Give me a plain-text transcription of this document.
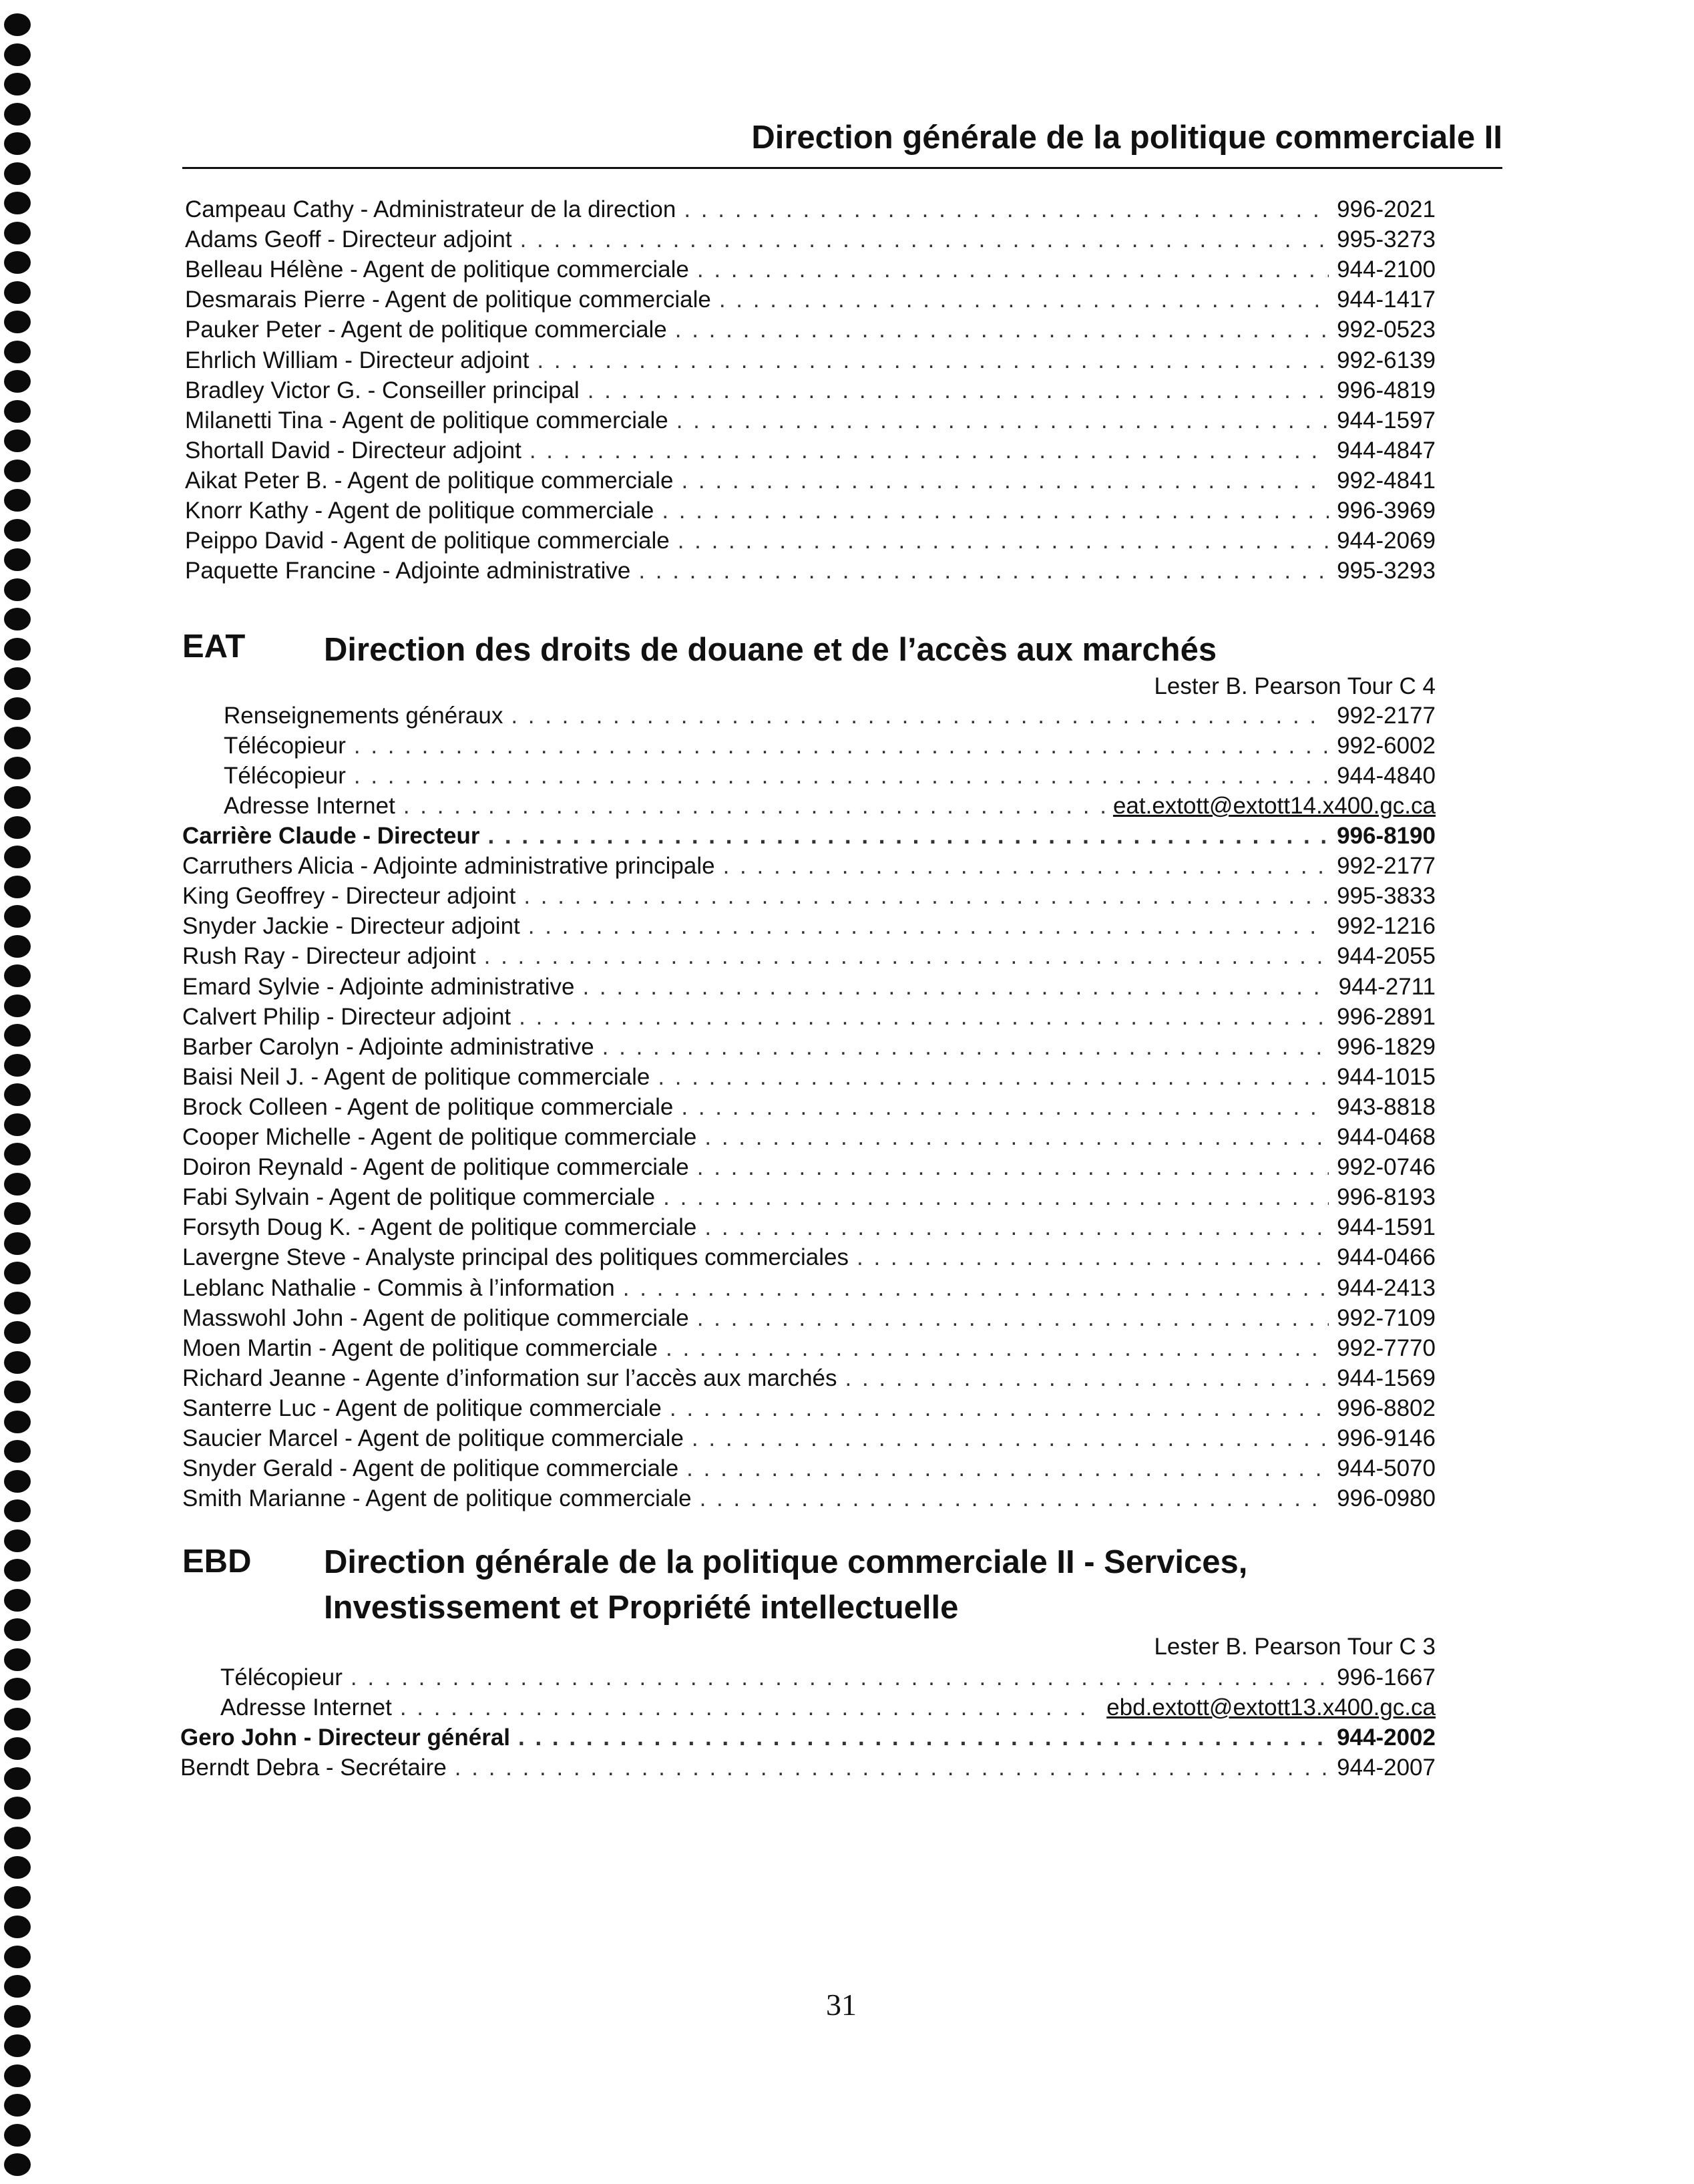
Direction générale de la politique commerciale II
EAT Direction des droits de douane et de l’accès aux marchés
Lester B. Pearson Tour C 4
EBD Direction générale de la politique commerciale II - Services,
Investissement et Propriété intellectuelle
Lester B. Pearson Tour C 3
Campeau Cathy - Administrateur de la direction . . .	996-2021
Adams Geoff - Directeur adjoint . . .	995-3273
Belleau Hélène - Agent de politique commerciale . . .	944-2100
Desmarais Pierre - Agent de politique commerciale . . .	944-1417
Pauker Peter - Agent de politique commerciale . . .	992-0523
Ehrlich William - Directeur adjoint . . .	992-6139
Bradley Victor G. - Conseiller principal . . .	996-4819
Milanetti Tina - Agent de politique commerciale . . .	944-1597
Shortall David - Directeur adjoint . . .	944-4847
Aikat Peter B. - Agent de politique commerciale . . .	992-4841
Knorr Kathy - Agent de politique commerciale . . .	996-3969
Peippo David - Agent de politique commerciale . . .	944-2069
Paquette Francine - Adjointe administrative . . .	995-3293
Renseignements généraux . . .	992-2177
Télécopieur . . .	992-6002
Télécopieur . . .	944-4840
Adresse Internet . . .	eat.extott@extott14.x400.gc.ca
Carrière Claude - Directeur . . .	996-8190
Carruthers Alicia - Adjointe administrative principale . . .	992-2177
King Geoffrey - Directeur adjoint . . .	995-3833
Snyder Jackie - Directeur adjoint . . .	992-1216
Rush Ray - Directeur adjoint . . .	944-2055
Emard Sylvie - Adjointe administrative . . .	944-2711
Calvert Philip - Directeur adjoint . . .	996-2891
Barber Carolyn - Adjointe administrative . . .	996-1829
Baisi Neil J. - Agent de politique commerciale . . .	944-1015
Brock Colleen - Agent de politique commerciale . . .	943-8818
Cooper Michelle - Agent de politique commerciale . . .	944-0468
Doiron Reynald - Agent de politique commerciale . . .	992-0746
Fabi Sylvain - Agent de politique commerciale . . .	996-8193
Forsyth Doug K. - Agent de politique commerciale . . .	944-1591
Lavergne Steve - Analyste principal des politiques commerciales . . .	944-0466
Leblanc Nathalie - Commis à l’information . . .	944-2413
Masswohl John - Agent de politique commerciale . . .	992-7109
Moen Martin - Agent de politique commerciale . . .	992-7770
Richard Jeanne - Agente d’information sur l’accès aux marchés . . .	944-1569
Santerre Luc - Agent de politique commerciale . . .	996-8802
Saucier Marcel - Agent de politique commerciale . . .	996-9146
Snyder Gerald - Agent de politique commerciale . . .	944-5070
Smith Marianne - Agent de politique commerciale . . .	996-0980
Télécopieur . . .	996-1667
Adresse Internet . . .	ebd.extott@extott13.x400.gc.ca
Gero John - Directeur général . . .	944-2002
Berndt Debra - Secrétaire . . .	944-2007
31
